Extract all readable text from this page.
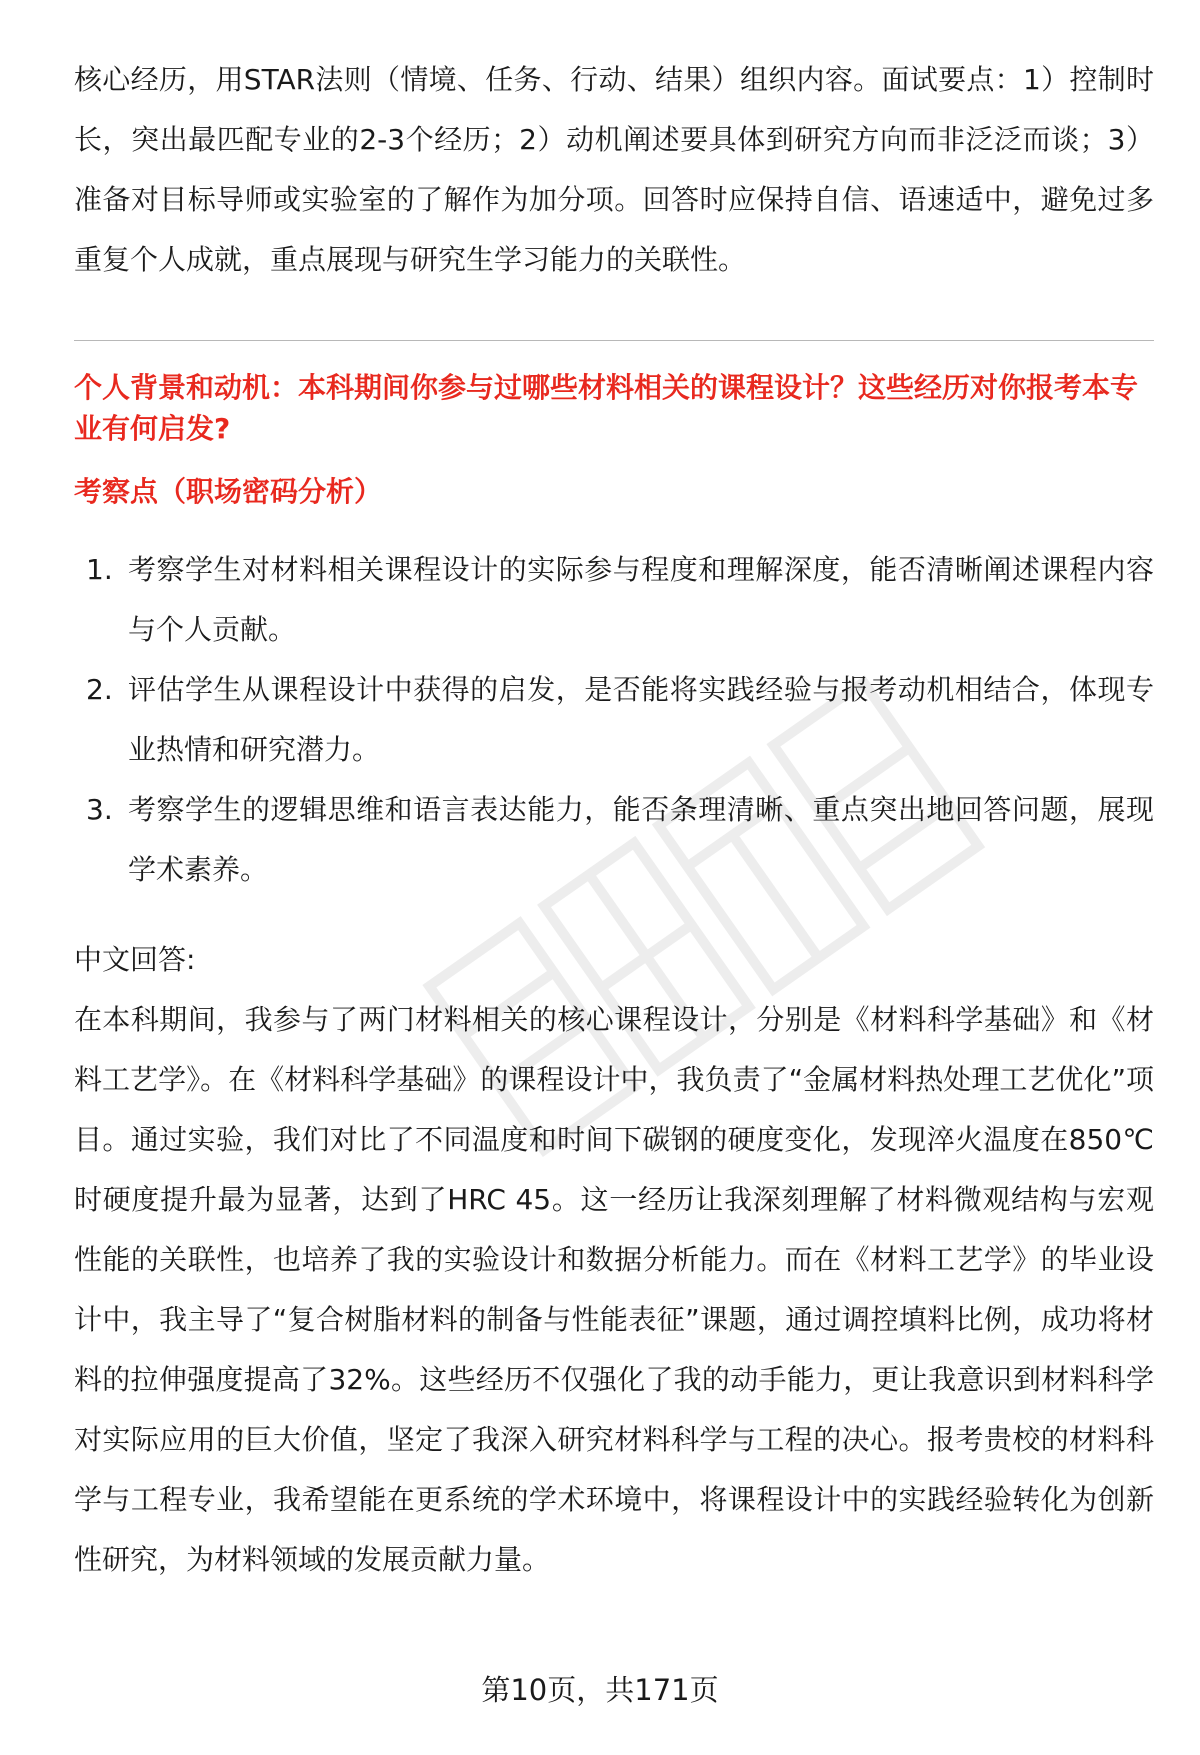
核心经历，用STAR法则（情境、任务、行动、结果）组织内容。面试要点：1）控制时长，突出最匹配专业的2-3个经历；2）动机阐述要具体到研究方向而非泛泛而谈；3）准备对目标导师或实验室的了解作为加分项。回答时应保持自信、语速适中，避免过多重复个人成就，重点展现与研究生学习能力的关联性。

个人背景和动机：本科期间你参与过哪些材料相关的课程设计？这些经历对你报考本专业有何启发?
考察点（职场密码分析）
1. 考察学生对材料相关课程设计的实际参与程度和理解深度，能否清晰阐述课程内容与个人贡献。
2. 评估学生从课程设计中获得的启发，是否能将实践经验与报考动机相结合，体现专业热情和研究潜力。
3. 考察学生的逻辑思维和语言表达能力，能否条理清晰、重点突出地回答问题，展现学术素养。
中文回答:

在本科期间，我参与了两门材料相关的核心课程设计，分别是《材料科学基础》和《材料工艺学》。在《材料科学基础》的课程设计中，我负责了“金属材料热处理工艺优化”项目。通过实验，我们对比了不同温度和时间下碳钢的硬度变化，发现淬火温度在850℃时硬度提升最为显著，达到了HRC 45。这一经历让我深刻理解了材料微观结构与宏观性能的关联性，也培养了我的实验设计和数据分析能力。而在《材料工艺学》的毕业设计中，我主导了“复合树脂材料的制备与性能表征”课题，通过调控填料比例，成功将材料的拉伸强度提高了32%。这些经历不仅强化了我的动手能力，更让我意识到材料科学对实际应用的巨大价值，坚定了我深入研究材料科学与工程的决心。报考贵校的材料科学与工程专业，我希望能在更系统的学术环境中，将课程设计中的实践经验转化为创新性研究，为材料领域的发展贡献力量。

第10页，共171页
